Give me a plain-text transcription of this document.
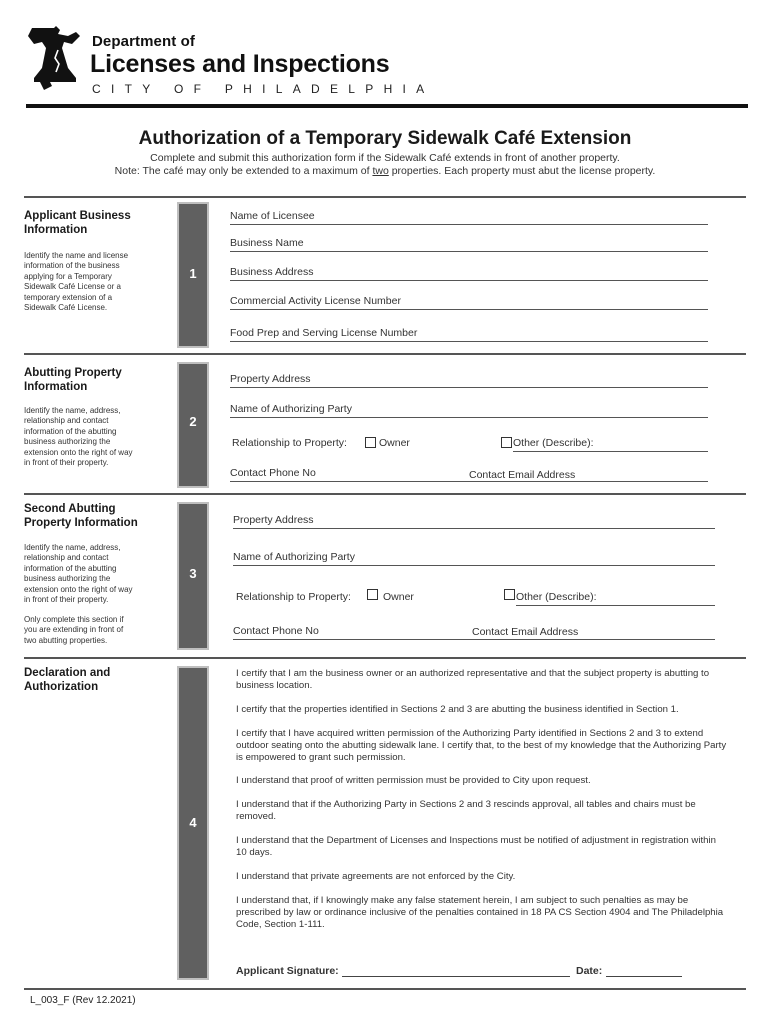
Department of
Licenses and Inspections
CITY OF PHILADELPHIA
Authorization of a Temporary Sidewalk Café Extension
Complete and submit this authorization form if the Sidewalk Café extends in front of another property.
Note: The café may only be extended to a maximum of two properties. Each property must abut the license property.
Applicant Business Information
Identify the name and license information of the business applying for a Temporary Sidewalk Café License or a temporary extension of a Sidewalk Café License.
1
Name of Licensee
Business Name
Business Address
Commercial Activity License Number
Food Prep and Serving License Number
Abutting Property Information
Identify the name, address, relationship and contact information of the abutting business authorizing the extension onto the right of way in front of their property.
2
Property Address
Name of Authorizing Party
Relationship to Property:	Owner	Other (Describe):
Contact Phone No	Contact Email Address
Second Abutting Property Information
Identify the name, address, relationship and contact information of the abutting business authorizing the extension onto the right of way in front of their property.
Only complete this section if you are extending in front of two abutting properties.
3
Property Address
Name of Authorizing Party
Relationship to Property:	Owner	Other (Describe):
Contact Phone No	Contact Email Address
Declaration and Authorization
4
I certify that I am the business owner or an authorized representative and that the subject property is abutting to business location.
I certify that the properties identified in Sections 2 and 3 are abutting the business identified in Section 1.
I certify that I have acquired written permission of the Authorizing Party identified in Sections 2 and 3 to extend outdoor seating onto the abutting sidewalk lane. I certify that, to the best of my knowledge that the Authorizing Party is empowered to grant such permission.
I understand that proof of written permission must be provided to City upon request.
I understand that if the Authorizing Party in Sections 2 and 3 rescinds approval, all tables and chairs must be removed.
I understand that the Department of Licenses and Inspections must be notified of adjustment in registration within 10 days.
I understand that private agreements are not enforced by the City.
I understand that, if I knowingly make any false statement herein, I am subject to such penalties as may be prescribed by law or ordinance inclusive of the penalties contained in 18 PA CS Section 4904 and The Philadelphia Code, Section 1-111.
Applicant Signature:	Date:
L_003_F (Rev 12.2021)
